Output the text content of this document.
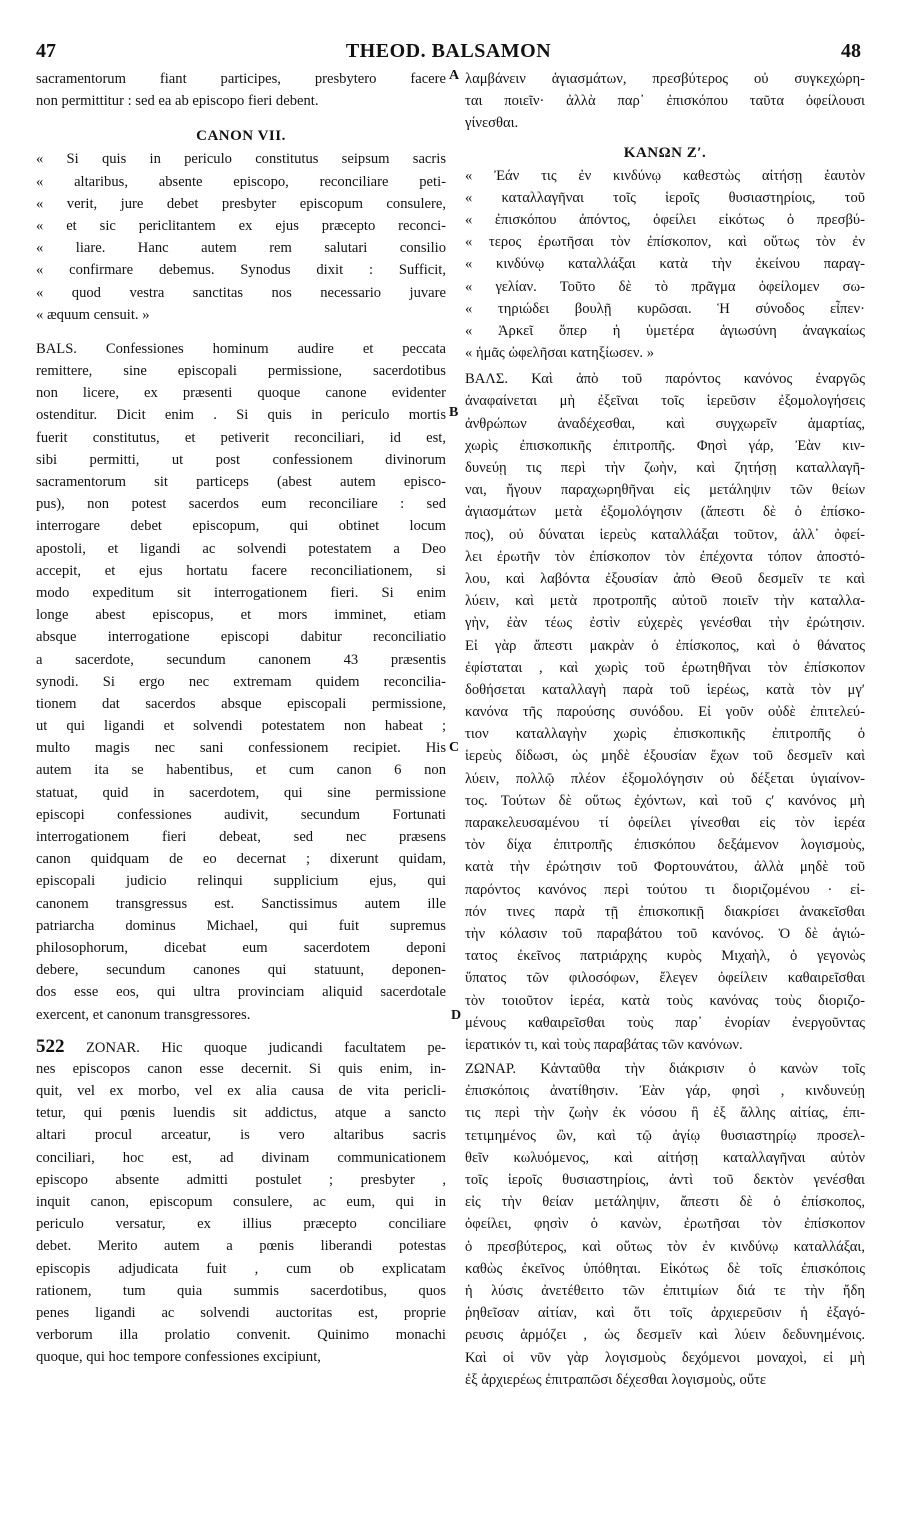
47	THEOD. BALSAMON	48
A
B
C
D
sacramentorum fiant participes, presbytero facere
non permittitur : sed ea ab episcopo fieri debent.
CANON VII.
« Si quis in periculo constitutus seipsum sacris
« altaribus, absente episcopo, reconciliare peti-
« verit, jure debet presbyter episcopum consulere,
« et sic periclitantem ex ejus præcepto reconci-
« liare. Hanc autem rem salutari consilio
« confirmare debemus. Synodus dixit : Sufficit,
« quod vestra sanctitas nos necessario juvare
« æquum censuit. »
BALS. Confessiones hominum audire et peccata
remittere, sine episcopali permissione, sacerdotibus
non licere, ex præsenti quoque canone evidenter
ostenditur. Dicit enim . Si quis in periculo mortis
fuerit constitutus, et petiverit reconciliari, id est,
sibi permitti, ut post confessionem divinorum
sacramentorum sit particeps (abest autem episco-
pus), non potest sacerdos eum reconciliare : sed
interrogare debet episcopum, qui obtinet locum
apostoli, et ligandi ac solvendi potestatem a Deo
accepit, et ejus hortatu facere reconciliationem, si
modo expeditum sit interrogationem fieri. Si enim
longe abest episcopus, et mors imminet, etiam
absque interrogatione episcopi dabitur reconciliatio
a sacerdote, secundum canonem 43 præsentis
synodi. Si ergo nec extremam quidem reconcilia-
tionem dat sacerdos absque episcopali permissione,
ut qui ligandi et solvendi potestatem non habeat ;
multo magis nec sani confessionem recipiet. His
autem ita se habentibus, et cum canon 6 non
statuat, quid in sacerdotem, qui sine permissione
episcopi confessiones audivit, secundum Fortunati
interrogationem fieri debeat, sed nec præsens
canon quidquam de eo decernat ; dixerunt quidam,
episcopali judicio relinqui supplicium ejus, qui
canonem transgressus est. Sanctissimus autem ille
patriarcha dominus Michael, qui fuit supremus
philosophorum, dicebat eum sacerdotem deponi
debere, secundum canones qui statuunt, deponen-
dos esse eos, qui ultra provinciam aliquid sacerdotale
exercent, et canonum transgressores.
522 ZONAR. Hic quoque judicandi facultatem pe-
nes episcopos canon esse decernit. Si quis enim, in-
quit, vel ex morbo, vel ex alia causa de vita pericli-
tetur, qui pœnis luendis sit addictus, atque a sancto
altari procul arceatur, is vero altaribus sacris
conciliari, hoc est, ad divinam communicationem
episcopo absente admitti postulet ; presbyter ,
inquit canon, episcopum consulere, ac eum, qui in
periculo versatur, ex illius præcepto conciliare
debet. Merito autem a pœnis liberandi potestas
episcopis adjudicata fuit , cum ob explicatam
rationem, tum quia summis sacerdotibus, quos
penes ligandi ac solvendi auctoritas est, proprie
verborum illa prolatio convenit. Quinimo monachi
quoque, qui hoc tempore confessiones excipiunt,
λαμβάνειν ἁγιασμάτων, πρεσβύτερος οὐ συγκεχώρη-
ται ποιεῖν· ἀλλὰ παρ᾿ ἐπισκόπου ταῦτα ὀφείλουσι
γίνεσθαι.
ΚΑΝΩΝ Ζʹ.
« Ἐάν τις ἐν κινδύνῳ καθεστὼς αἰτήσῃ ἑαυτὸν
« καταλλαγῆναι τοῖς ἱεροῖς θυσιαστηρίοις, τοῦ
« ἐπισκόπου ἀπόντος, ὀφείλει εἰκότως ὁ πρεσβύ-
« τερος ἐρωτῆσαι τὸν ἐπίσκοπον, καὶ οὕτως τὸν ἐν
« κινδύνῳ καταλλάξαι κατὰ τὴν ἐκείνου παραγ-
« γελίαν. Τοῦτο δὲ τὸ πρᾶγμα ὀφείλομεν σω-
« τηριώδει βουλῇ κυρῶσαι. Ἡ σύνοδος εἶπεν·
« Ἀρκεῖ ὅπερ ἡ ὑμετέρα ἁγιωσύνη ἀναγκαίως
« ἡμᾶς ὠφελῆσαι κατηξίωσεν. »
ΒΑΛΣ. Καὶ ἀπὸ τοῦ παρόντος κανόνος ἐναργῶς
ἀναφαίνεται μὴ ἐξεῖναι τοῖς ἱερεῦσιν ἐξομολογήσεις
ἀνθρώπων ἀναδέχεσθαι, καὶ συγχωρεῖν ἁμαρτίας,
χωρὶς ἐπισκοπικῆς ἐπιτροπῆς. Φησὶ γάρ, Ἐὰν κιν-
δυνεύῃ τις περὶ τὴν ζωὴν, καὶ ζητήσῃ καταλλαγῆ-
ναι, ἤγουν παραχωρηθῆναι εἰς μετάληψιν τῶν θείων
ἁγιασμάτων μετὰ ἐξομολόγησιν (ἄπεστι δὲ ὁ ἐπίσκο-
πος), οὐ δύναται ἱερεὺς καταλλάξαι τοῦτον, ἀλλ᾿ ὀφεί-
λει ἐρωτῆν τὸν ἐπίσκοπον τὸν ἐπέχοντα τόπον ἀποστό-
λου, καὶ λαβόντα ἐξουσίαν ἀπὸ Θεοῦ δεσμεῖν τε καὶ
λύειν, καὶ μετὰ προτροπῆς αὐτοῦ ποιεῖν τὴν καταλλα-
γὴν, ἐὰν τέως ἐστὶν εὐχερὲς γενέσθαι τὴν ἐρώτησιν.
Εἰ γὰρ ἄπεστι μακρὰν ὁ ἐπίσκοπος, καὶ ὁ θάνατος
ἐφίσταται , καὶ χωρὶς τοῦ ἐρωτηθῆναι τὸν ἐπίσκοπον
δοθήσεται καταλλαγὴ παρὰ τοῦ ἱερέως, κατὰ τὸν μγʹ
κανόνα τῆς παρούσης συνόδου. Εἰ γοῦν οὐδὲ ἐπιτελεύ-
τιον καταλλαγὴν χωρὶς ἐπισκοπικῆς ἐπιτροπῆς ὁ
ἱερεὺς δίδωσι, ὡς μηδὲ ἐξουσίαν ἔχων τοῦ δεσμεῖν καὶ
λύειν, πολλῷ πλέον ἐξομολόγησιν οὐ δέξεται ὑγιαίνον-
τος. Τούτων δὲ οὕτως ἐχόντων, καὶ τοῦ ςʹ κανόνος μὴ
παρακελευσαμένου τί ὀφείλει γίνεσθαι εἰς τὸν ἱερέα
τὸν δίχα ἐπιτροπῆς ἐπισκόπου δεξάμενον λογισμοὺς,
κατὰ τὴν ἐρώτησιν τοῦ Φορτουνάτου, ἀλλὰ μηδὲ τοῦ
παρόντος κανόνος περὶ τούτου τι διοριζομένου · εἰ-
πόν τινες παρὰ τῇ ἐπισκοπικῇ διακρίσει ἀνακεῖσθαι
τὴν κόλασιν τοῦ παραβάτου τοῦ κανόνος. Ὁ δὲ ἁγιώ-
τατος ἐκεῖνος πατριάρχης κυρὸς Μιχαὴλ, ὁ γεγονὼς
ὕπατος τῶν φιλοσόφων, ἔλεγεν ὀφείλειν καθαιρεῖσθαι
τὸν τοιοῦτον ἱερέα, κατὰ τοὺς κανόνας τοὺς διοριζο-
μένους καθαιρεῖσθαι τοὺς παρ᾿ ἐνορίαν ἐνεργοῦντας
ἱερατικόν τι, καὶ τοὺς παραβάτας τῶν κανόνων.
ΖΩΝΑΡ. Κἀνταῦθα τὴν διάκρισιν ὁ κανὼν τοῖς
ἐπισκόποις ἀνατίθησιν. Ἐὰν γάρ, φησὶ , κινδυνεύῃ
τις περὶ τὴν ζωὴν ἐκ νόσου ἢ ἐξ ἄλλης αἰτίας, ἐπι-
τετιμημένος ὢν, καὶ τῷ ἁγίῳ θυσιαστηρίῳ προσελ-
θεῖν κωλυόμενος, καὶ αἰτήσῃ καταλλαγῆναι αὐτὸν
τοῖς ἱεροῖς θυσιαστηρίοις, ἀντὶ τοῦ δεκτὸν γενέσθαι
εἰς τὴν θείαν μετάληψιν, ἄπεστι δὲ ὁ ἐπίσκοπος,
ὀφείλει, φησὶν ὁ κανὼν, ἐρωτῆσαι τὸν ἐπίσκοπον
ὁ πρεσβύτερος, καὶ οὕτως τὸν ἐν κινδύνῳ καταλλάξαι,
καθὼς ἐκεῖνος ὑπόθηται. Εἰκότως δὲ τοῖς ἐπισκόποις
ἡ λύσις ἀνετέθειτο τῶν ἐπιτιμίων διά τε τὴν ἤδη
ῥηθεῖσαν αἰτίαν, καὶ ὅτι τοῖς ἀρχιερεῦσιν ἡ ἐξαγό-
ρευσις ἁρμόζει , ὡς δεσμεῖν καὶ λύειν δεδυνημένοις.
Καὶ οἱ νῦν γὰρ λογισμοὺς δεχόμενοι μοναχοὶ, εἰ μὴ
ἐξ ἀρχιερέως ἐπιτραπῶσι δέχεσθαι λογισμοὺς, οὔτε
